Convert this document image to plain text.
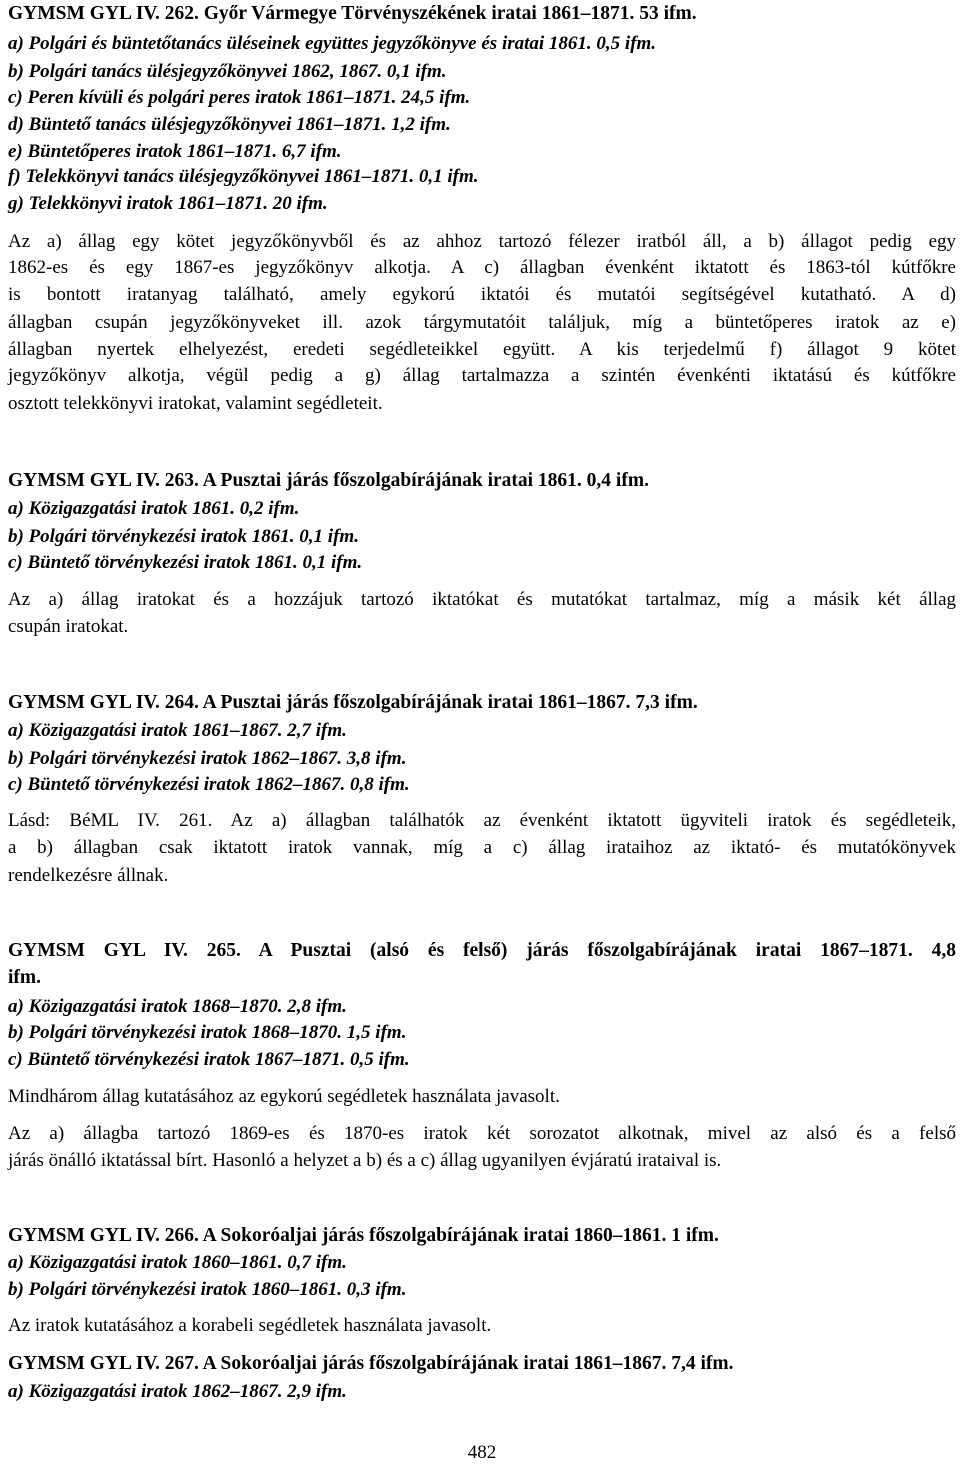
GYMSM GYL IV. 262. Győr Vármegye Törvényszékének iratai 1861–1871. 53 ifm.
a) Polgári és büntetőtanács üléseinek együttes jegyzőkönyve és iratai 1861. 0,5 ifm.
b) Polgári tanács ülésjegyzőkönyvei 1862, 1867. 0,1 ifm.
c) Peren kívüli és polgári peres iratok 1861–1871. 24,5 ifm.
d) Büntető tanács ülésjegyzőkönyvei 1861–1871. 1,2 ifm.
e) Büntetőperes iratok 1861–1871. 6,7 ifm.
f) Telekkönyvi tanács ülésjegyzőkönyvei 1861–1871. 0,1 ifm.
g) Telekkönyvi iratok 1861–1871. 20 ifm.
Az a) állag egy kötet jegyzőkönyvből és az ahhoz tartozó félezer iratból áll, a b) állagot pedig egy
1862-es és egy 1867-es jegyzőkönyv alkotja. A c) állagban évenként iktatott és 1863-tól kútfőkre
is bontott iratanyag található, amely egykorú iktatói és mutatói segítségével kutatható. A d)
állagban csupán jegyzőkönyveket ill. azok tárgymutatóit találjuk, míg a büntetőperes iratok az e)
állagban nyertek elhelyezést, eredeti segédleteikkel együtt. A kis terjedelmű f) állagot 9 kötet
jegyzőkönyv alkotja, végül pedig a g) állag tartalmazza a szintén évenkénti iktatású és kútfőkre
osztott telekkönyvi iratokat, valamint segédleteit.
GYMSM GYL IV. 263. A Pusztai járás főszolgabírájának iratai 1861. 0,4 ifm.
a) Közigazgatási iratok 1861. 0,2 ifm.
b) Polgári törvénykezési iratok 1861. 0,1 ifm.
c) Büntető törvénykezési iratok 1861. 0,1 ifm.
Az a) állag iratokat és a hozzájuk tartozó iktatókat és mutatókat tartalmaz, míg a másik két állag
csupán iratokat.
GYMSM GYL IV. 264. A Pusztai járás főszolgabírájának iratai 1861–1867. 7,3 ifm.
a) Közigazgatási iratok 1861–1867. 2,7 ifm.
b) Polgári törvénykezési iratok 1862–1867. 3,8 ifm.
c) Büntető törvénykezési iratok 1862–1867. 0,8 ifm.
Lásd: BéML IV. 261. Az a) állagban találhatók az évenként iktatott ügyviteli iratok és segédleteik,
a b) állagban csak iktatott iratok vannak, míg a c) állag irataihoz az iktató- és mutatókönyvek
rendelkezésre állnak.
GYMSM GYL IV. 265. A Pusztai (alsó és felső) járás főszolgabírájának iratai 1867–1871. 4,8
ifm.
a) Közigazgatási iratok 1868–1870. 2,8 ifm.
b) Polgári törvénykezési iratok 1868–1870. 1,5 ifm.
c) Büntető törvénykezési iratok 1867–1871. 0,5 ifm.
Mindhárom állag kutatásához az egykorú segédletek használata javasolt.
Az a) állagba tartozó 1869-es és 1870-es iratok két sorozatot alkotnak, mivel az alsó és a felső
járás önálló iktatással bírt. Hasonló a helyzet a b) és a c) állag ugyanilyen évjáratú irataival is.
GYMSM GYL IV. 266. A Sokoróaljai járás főszolgabírájának iratai 1860–1861. 1 ifm.
a) Közigazgatási iratok 1860–1861. 0,7 ifm.
b) Polgári törvénykezési iratok 1860–1861. 0,3 ifm.
Az iratok kutatásához a korabeli segédletek használata javasolt.
GYMSM GYL IV. 267. A Sokoróaljai járás főszolgabírájának iratai 1861–1867. 7,4 ifm.
a) Közigazgatási iratok 1862–1867. 2,9 ifm.
482
